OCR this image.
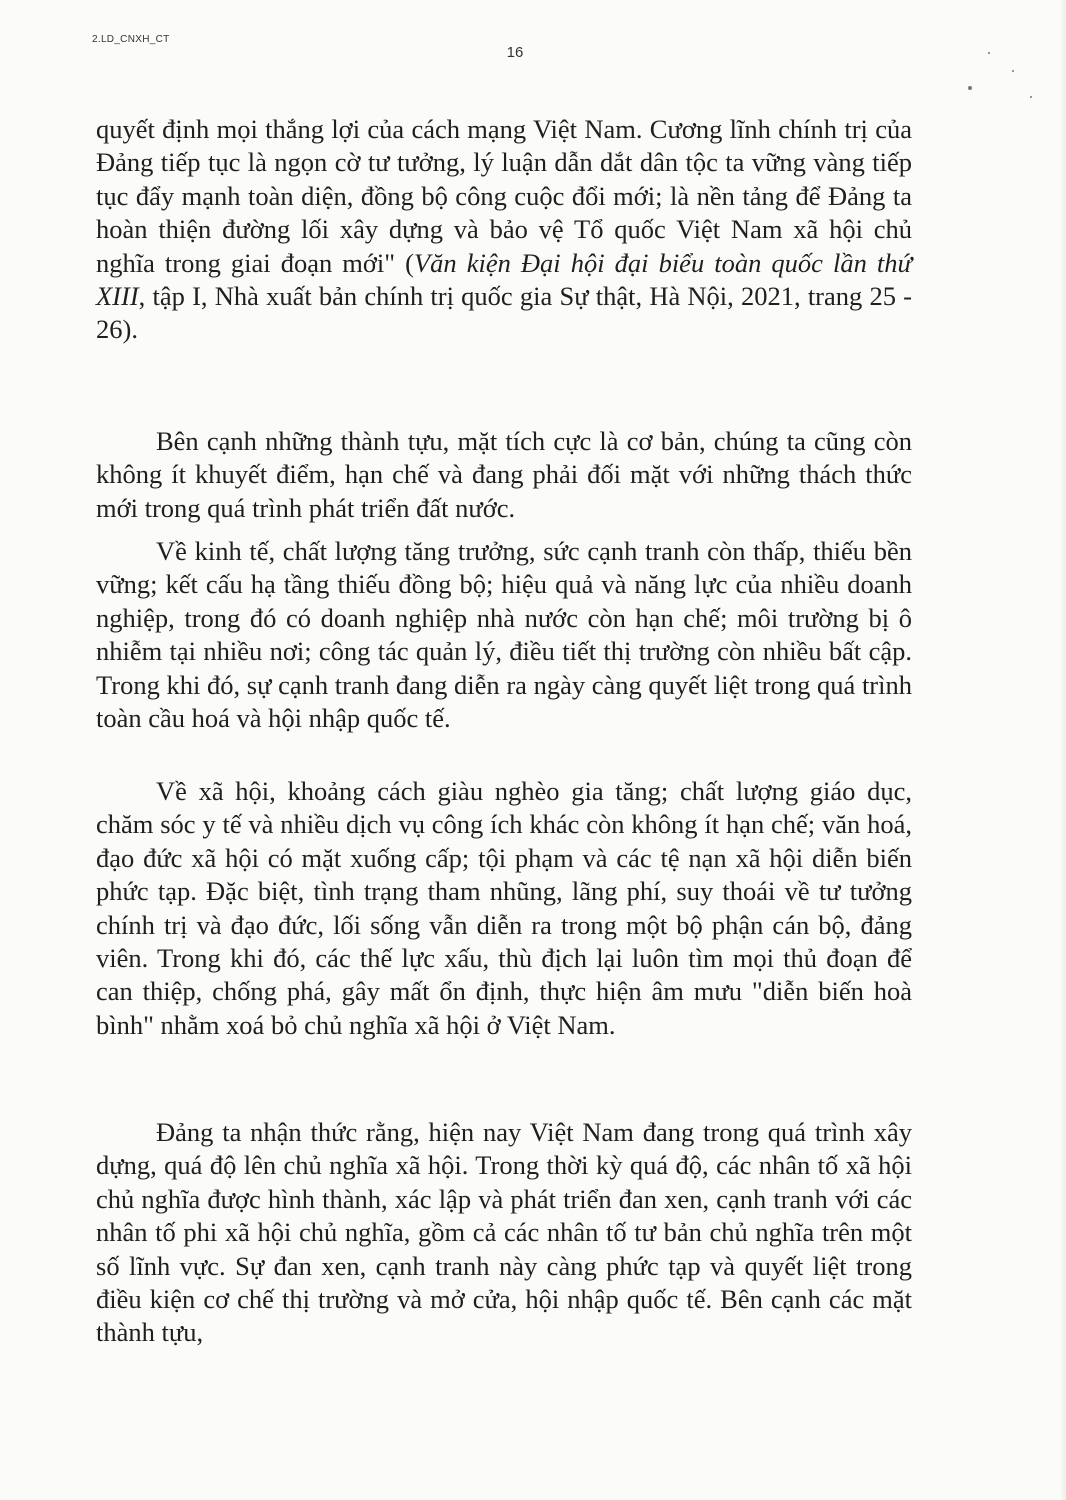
2.LD_CNXH_CT
16

quyết định mọi thắng lợi của cách mạng Việt Nam. Cương lĩnh chính trị của Đảng tiếp tục là ngọn cờ tư tưởng, lý luận dẫn dắt dân tộc ta vững vàng tiếp tục đẩy mạnh toàn diện, đồng bộ công cuộc đổi mới; là nền tảng để Đảng ta hoàn thiện đường lối xây dựng và bảo vệ Tổ quốc Việt Nam xã hội chủ nghĩa trong giai đoạn mới" (Văn kiện Đại hội đại biểu toàn quốc lần thứ XIII, tập I, Nhà xuất bản chính trị quốc gia Sự thật, Hà Nội, 2021, trang 25 - 26).

Bên cạnh những thành tựu, mặt tích cực là cơ bản, chúng ta cũng còn không ít khuyết điểm, hạn chế và đang phải đối mặt với những thách thức mới trong quá trình phát triển đất nước.

Về kinh tế, chất lượng tăng trưởng, sức cạnh tranh còn thấp, thiếu bền vững; kết cấu hạ tầng thiếu đồng bộ; hiệu quả và năng lực của nhiều doanh nghiệp, trong đó có doanh nghiệp nhà nước còn hạn chế; môi trường bị ô nhiễm tại nhiều nơi; công tác quản lý, điều tiết thị trường còn nhiều bất cập. Trong khi đó, sự cạnh tranh đang diễn ra ngày càng quyết liệt trong quá trình toàn cầu hoá và hội nhập quốc tế.

Về xã hội, khoảng cách giàu nghèo gia tăng; chất lượng giáo dục, chăm sóc y tế và nhiều dịch vụ công ích khác còn không ít hạn chế; văn hoá, đạo đức xã hội có mặt xuống cấp; tội phạm và các tệ nạn xã hội diễn biến phức tạp. Đặc biệt, tình trạng tham nhũng, lãng phí, suy thoái về tư tưởng chính trị và đạo đức, lối sống vẫn diễn ra trong một bộ phận cán bộ, đảng viên. Trong khi đó, các thế lực xấu, thù địch lại luôn tìm mọi thủ đoạn để can thiệp, chống phá, gây mất ổn định, thực hiện âm mưu "diễn biến hoà bình" nhằm xoá bỏ chủ nghĩa xã hội ở Việt Nam.

Đảng ta nhận thức rằng, hiện nay Việt Nam đang trong quá trình xây dựng, quá độ lên chủ nghĩa xã hội. Trong thời kỳ quá độ, các nhân tố xã hội chủ nghĩa được hình thành, xác lập và phát triển đan xen, cạnh tranh với các nhân tố phi xã hội chủ nghĩa, gồm cả các nhân tố tư bản chủ nghĩa trên một số lĩnh vực. Sự đan xen, cạnh tranh này càng phức tạp và quyết liệt trong điều kiện cơ chế thị trường và mở cửa, hội nhập quốc tế. Bên cạnh các mặt thành tựu,
